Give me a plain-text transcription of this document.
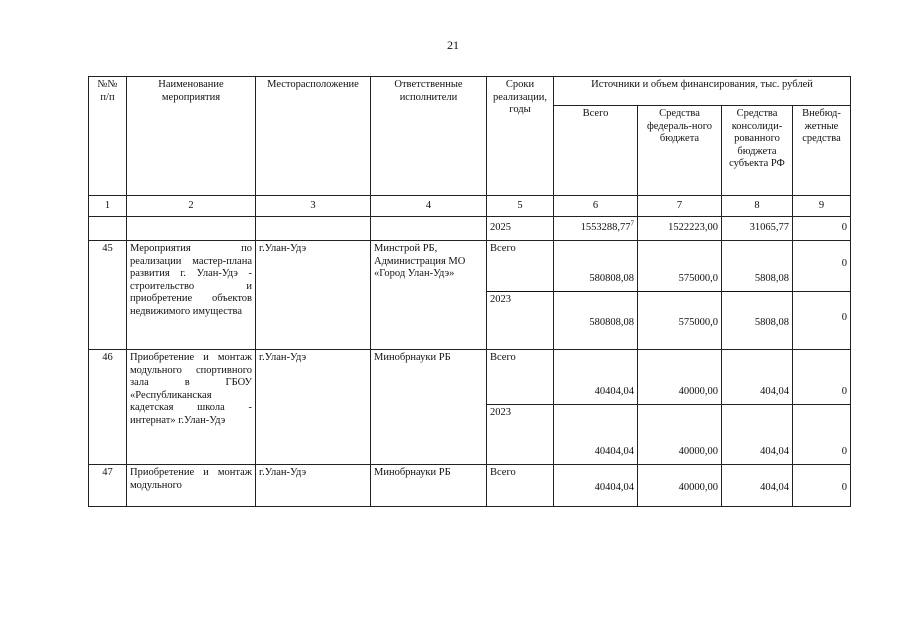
21
№№ п/п	Наименование мероприятия	Месторасположение	Ответственные исполнители	Сроки реализации, годы	Источники и объем финансирования, тыс. рублей			
					Всего	Средства федераль-ного бюджета	Средства консолиди-рованного бюджета субъекта РФ	Внебюд-жетные средства
1	2	3	4	5	6	7	8	9
				2025	1553288,77$^7$	1522223,00	31065,77	0
45	Мероприятия по реализации мастер-плана развития г. Улан-Удэ - строительство и приобретение объектов недвижимого имущества	г.Улан-Удэ	Минстрой РБ, Администрация МО «Город Улан-Удэ»	Всего	580808,08	575000,0	5808,08	0
				2023	580808,08	575000,0	5808,08	0
46	Приобретение и монтаж модульного спортивного зала в ГБОУ «Республиканская кадетская школа - интернат» г.Улан-Удэ	г.Улан-Удэ	Минобрнауки РБ	Всего	40404,04	40000,00	404,04	0
				2023	40404,04	40000,00	404,04	0
47	Приобретение и монтаж модульного	г.Улан-Удэ	Минобрнауки РБ	Всего	40404,04	40000,00	404,04	0
